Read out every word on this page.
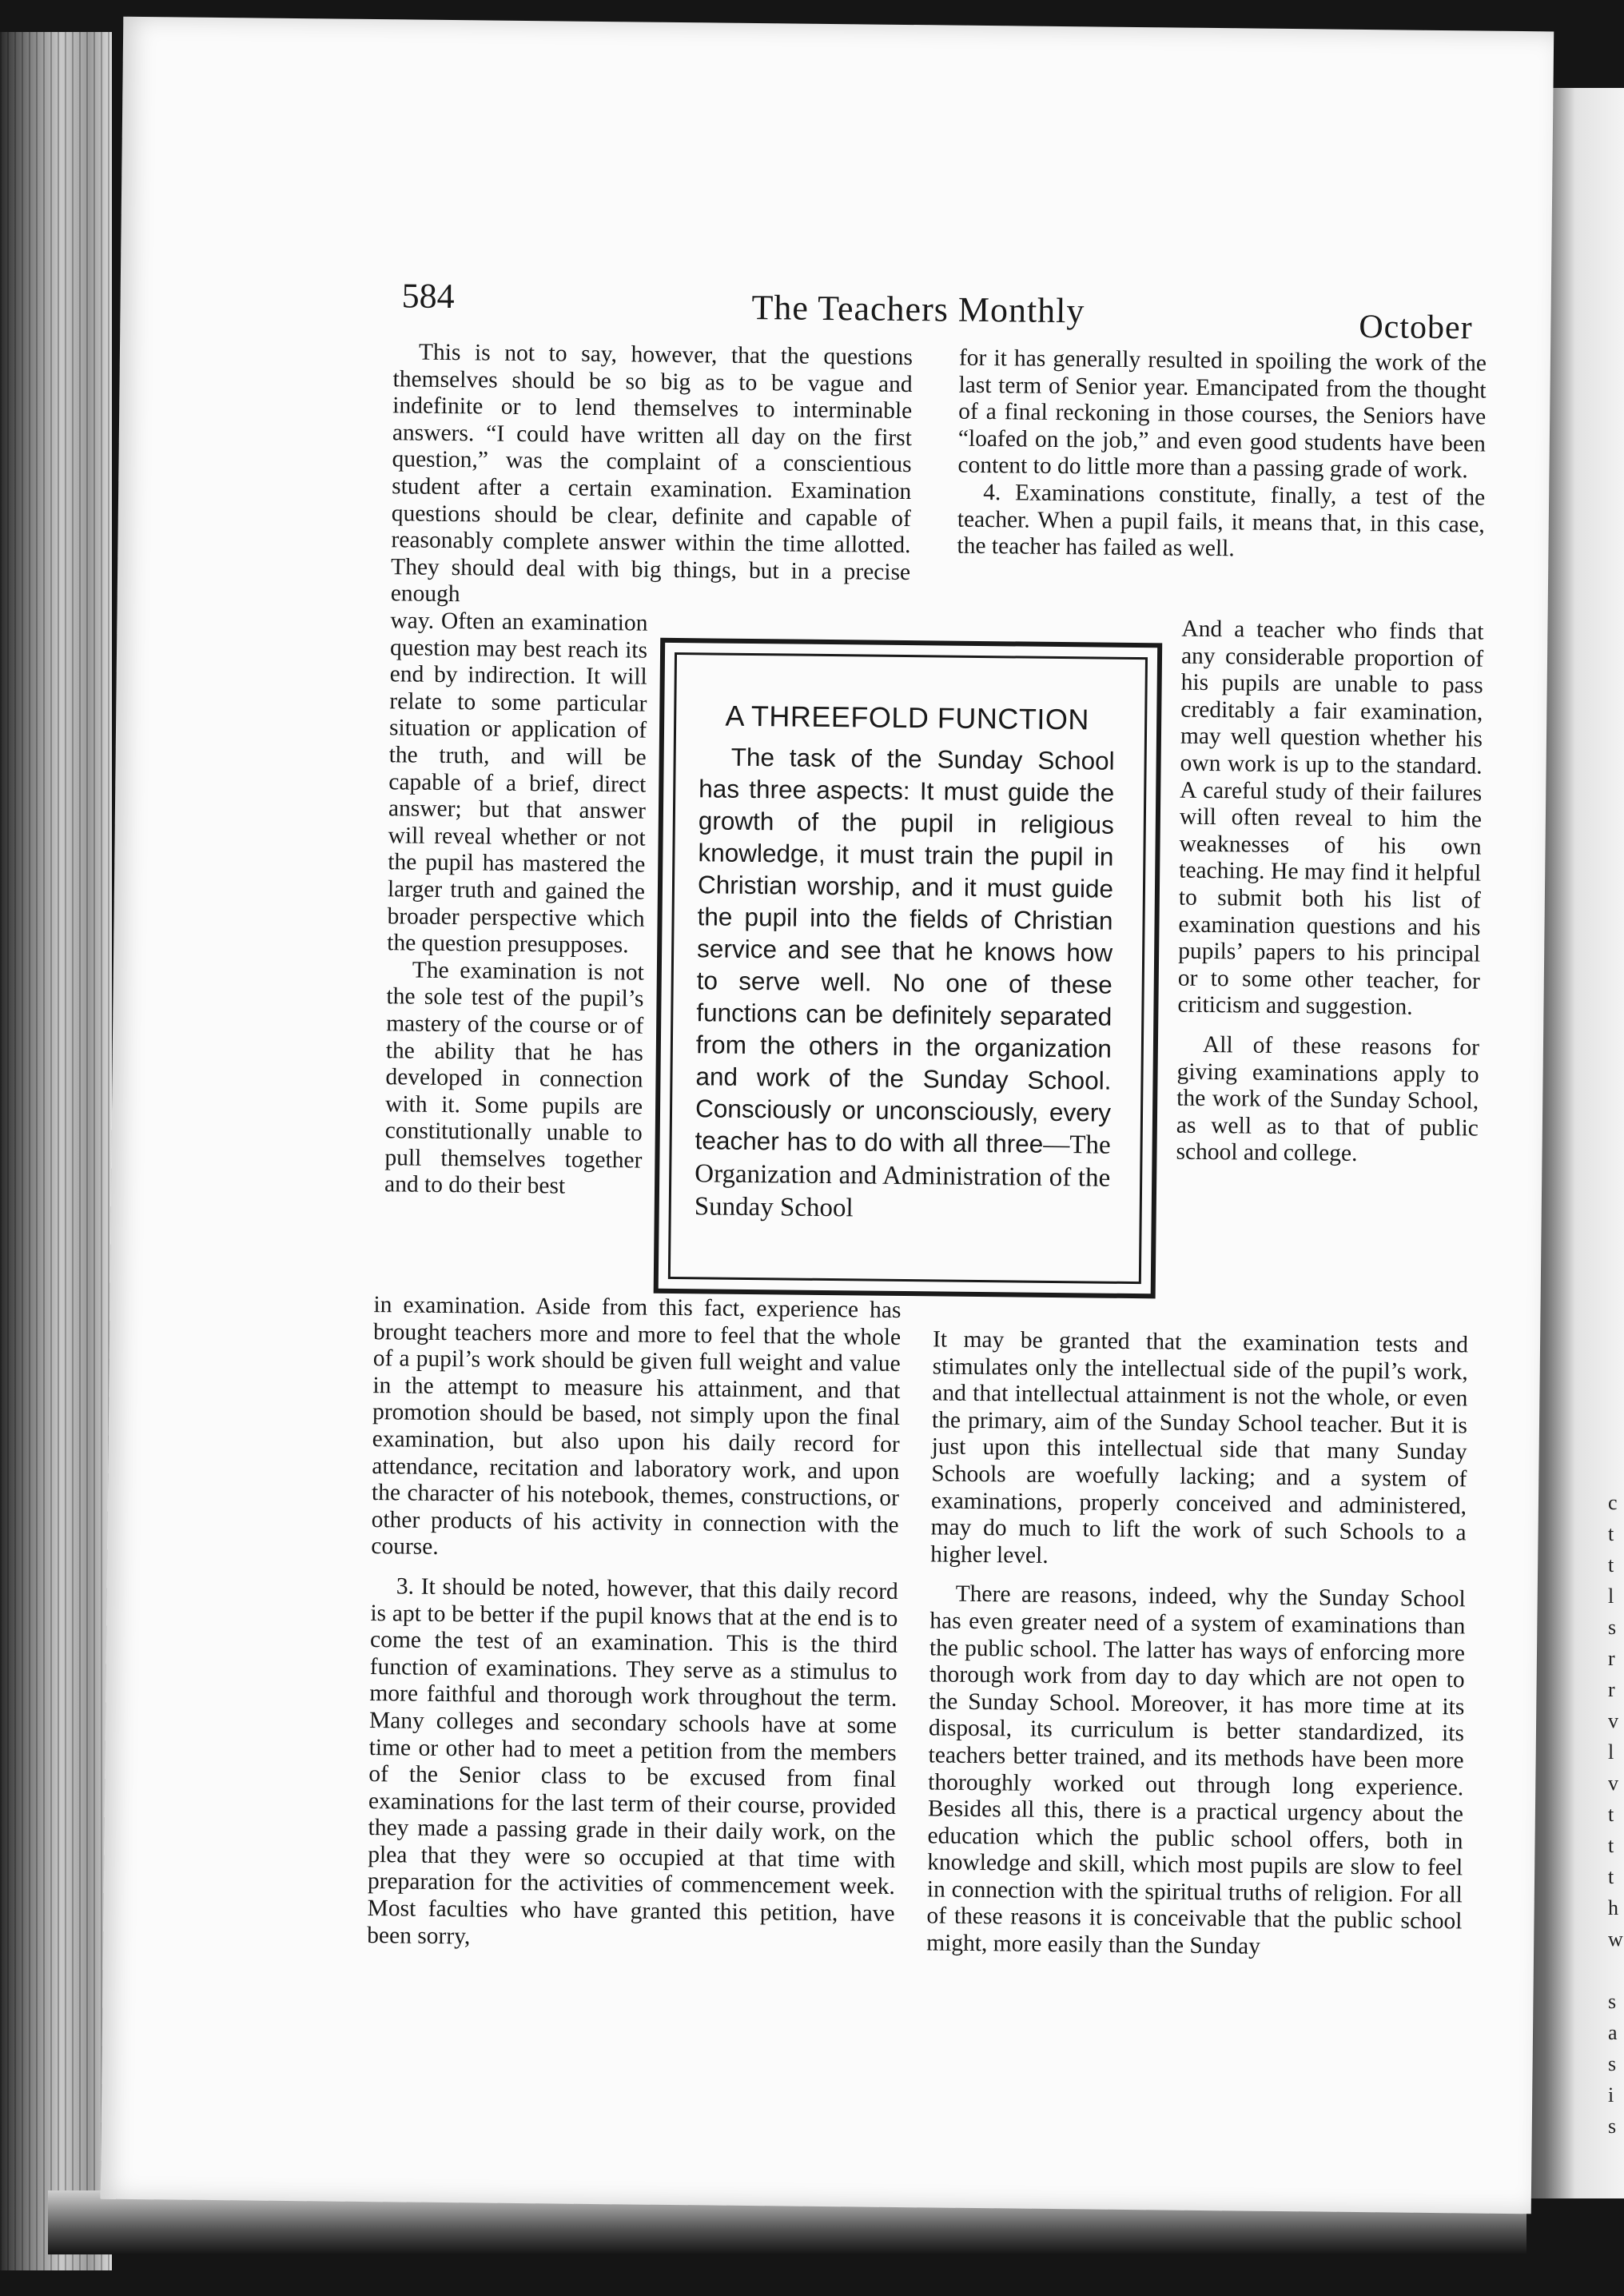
c
t
t
l
s
r
r
v
l
v
t
t
t
h
w

s
a
s
i
s
584	The Teachers Monthly	October

This is not to say, however, that the questions themselves should be so big as to be vague and indefinite or to lend themselves to interminable answers. “I could have written all day on the first question,” was the complaint of a conscientious student after a certain examination. Examination questions should be clear, definite and capable of reasonably complete answer within the time allotted. They should deal with big things, but in a precise enough

way. Often an examination question may best reach its end by indirection. It will relate to some particular situation or application of the truth, and will be capable of a brief, direct answer; but that answer will reveal whether or not the pupil has mastered the larger truth and gained the broader perspective which the question presupposes.

The examination is not the sole test of the pupil’s mastery of the course or of the ability that he has developed in connection with it. Some pupils are constitutionally unable to pull themselves together and to do their best

in examination. Aside from this fact, experience has brought teachers more and more to feel that the whole of a pupil’s work should be given full weight and value in the attempt to measure his attainment, and that promotion should be based, not simply upon the final examination, but also upon his daily record for attendance, recitation and laboratory work, and upon the character of his notebook, themes, constructions, or other products of his activity in connection with the course.

3. It should be noted, however, that this daily record is apt to be better if the pupil knows that at the end is to come the test of an examination. This is the third function of examinations. They serve as a stimulus to more faithful and thorough work throughout the term. Many colleges and secondary schools have at some time or other had to meet a petition from the members of the Senior class to be excused from final examinations for the last term of their course, provided they made a passing grade in their daily work, on the plea that they were so occupied at that time with preparation for the activities of commencement week. Most faculties who have granted this petition, have been sorry,

for it has generally resulted in spoiling the work of the last term of Senior year. Emancipated from the thought of a final reckoning in those courses, the Seniors have “loafed on the job,” and even good students have been content to do little more than a passing grade of work.

4. Examinations constitute, finally, a test of the teacher. When a pupil fails, it means that, in this case, the teacher has failed as well.

And a teacher who finds that any considerable proportion of his pupils are unable to pass creditably a fair examination, may well question whether his own work is up to the standard. A careful study of their failures will often reveal to him the weaknesses of his own teaching. He may find it helpful to submit both his list of examination questions and his pupils’ papers to his principal or to some other teacher, for criticism and suggestion.

All of these reasons for giving examinations apply to the work of the Sunday School, as well as to that of public school and college.

It may be granted that the examination tests and stimulates only the intellectual side of the pupil’s work, and that intellectual attainment is not the whole, or even the primary, aim of the Sunday School teacher. But it is just upon this intellectual side that many Sunday Schools are woefully lacking; and a system of examinations, properly conceived and administered, may do much to lift the work of such Schools to a higher level.

There are reasons, indeed, why the Sunday School has even greater need of a system of examinations than the public school. The latter has ways of enforcing more thorough work from day to day which are not open to the Sunday School. Moreover, it has more time at its disposal, its curriculum is better standardized, its teachers better trained, and its methods have been more thoroughly worked out through long experience. Besides all this, there is a practical urgency about the education which the public school offers, both in knowledge and skill, which most pupils are slow to feel in connection with the spiritual truths of religion. For all of these reasons it is conceivable that the public school might, more easily than the Sunday

A THREEFOLD FUNCTION

The task of the Sunday School has three aspects: It must guide the growth of the pupil in religious knowledge, it must train the pupil in Christian worship, and it must guide the pupil into the fields of Christian service and see that he knows how to serve well. No one of these functions can be definitely separated from the others in the organization and work of the Sunday School. Consciously or unconsciously, every teacher has to do with all three—The Organization and Administration of the Sunday School
